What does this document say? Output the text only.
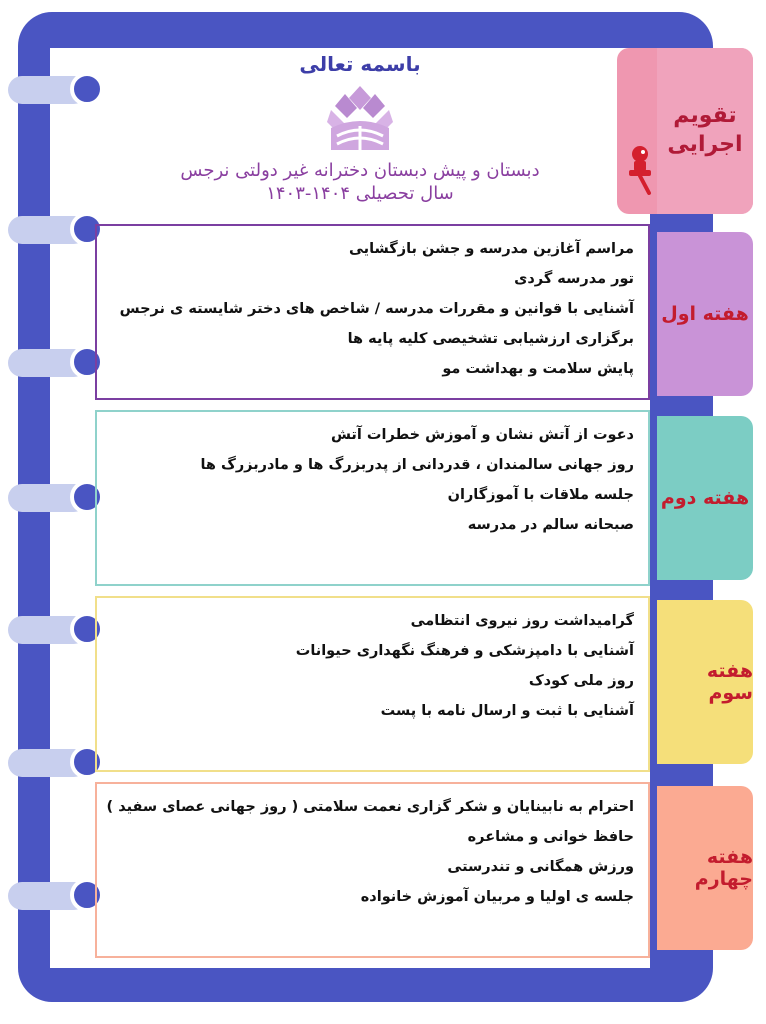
باسمه تعالی
دبستان و پیش دبستان دخترانه غیر دولتی نرجس
سال تحصیلی ۱۴۰۴-۱۴۰۳
تقویم
اجرایی
هفته اول
هفته دوم
هفته سوم
هفته چهارم
مراسم آغازین مدرسه و جشن بازگشایی
تور مدرسه گردی
آشنایی با قوانین و مقررات مدرسه / شاخص های دختر شایسته ی نرجس
برگزاری ارزشیابی تشخیصی کلیه پایه ها
پایش سلامت و بهداشت مو
دعوت از آتش نشان و آموزش خطرات آتش
روز جهانی سالمندان ، قدردانی از پدربزرگ ها و مادربزرگ ها
جلسه ملاقات با آموزگاران
صبحانه سالم در مدرسه
گرامیداشت روز نیروی انتظامی
آشنایی با دامپزشکی و فرهنگ نگهداری حیوانات
روز ملی کودک
آشنایی با ثبت و ارسال نامه با پست
احترام به نابینایان و شکر گزاری نعمت سلامتی ( روز جهانی عصای سفید )
حافظ خوانی و مشاعره
ورزش همگانی و تندرستی
جلسه ی اولیا و مربیان آموزش خانواده
